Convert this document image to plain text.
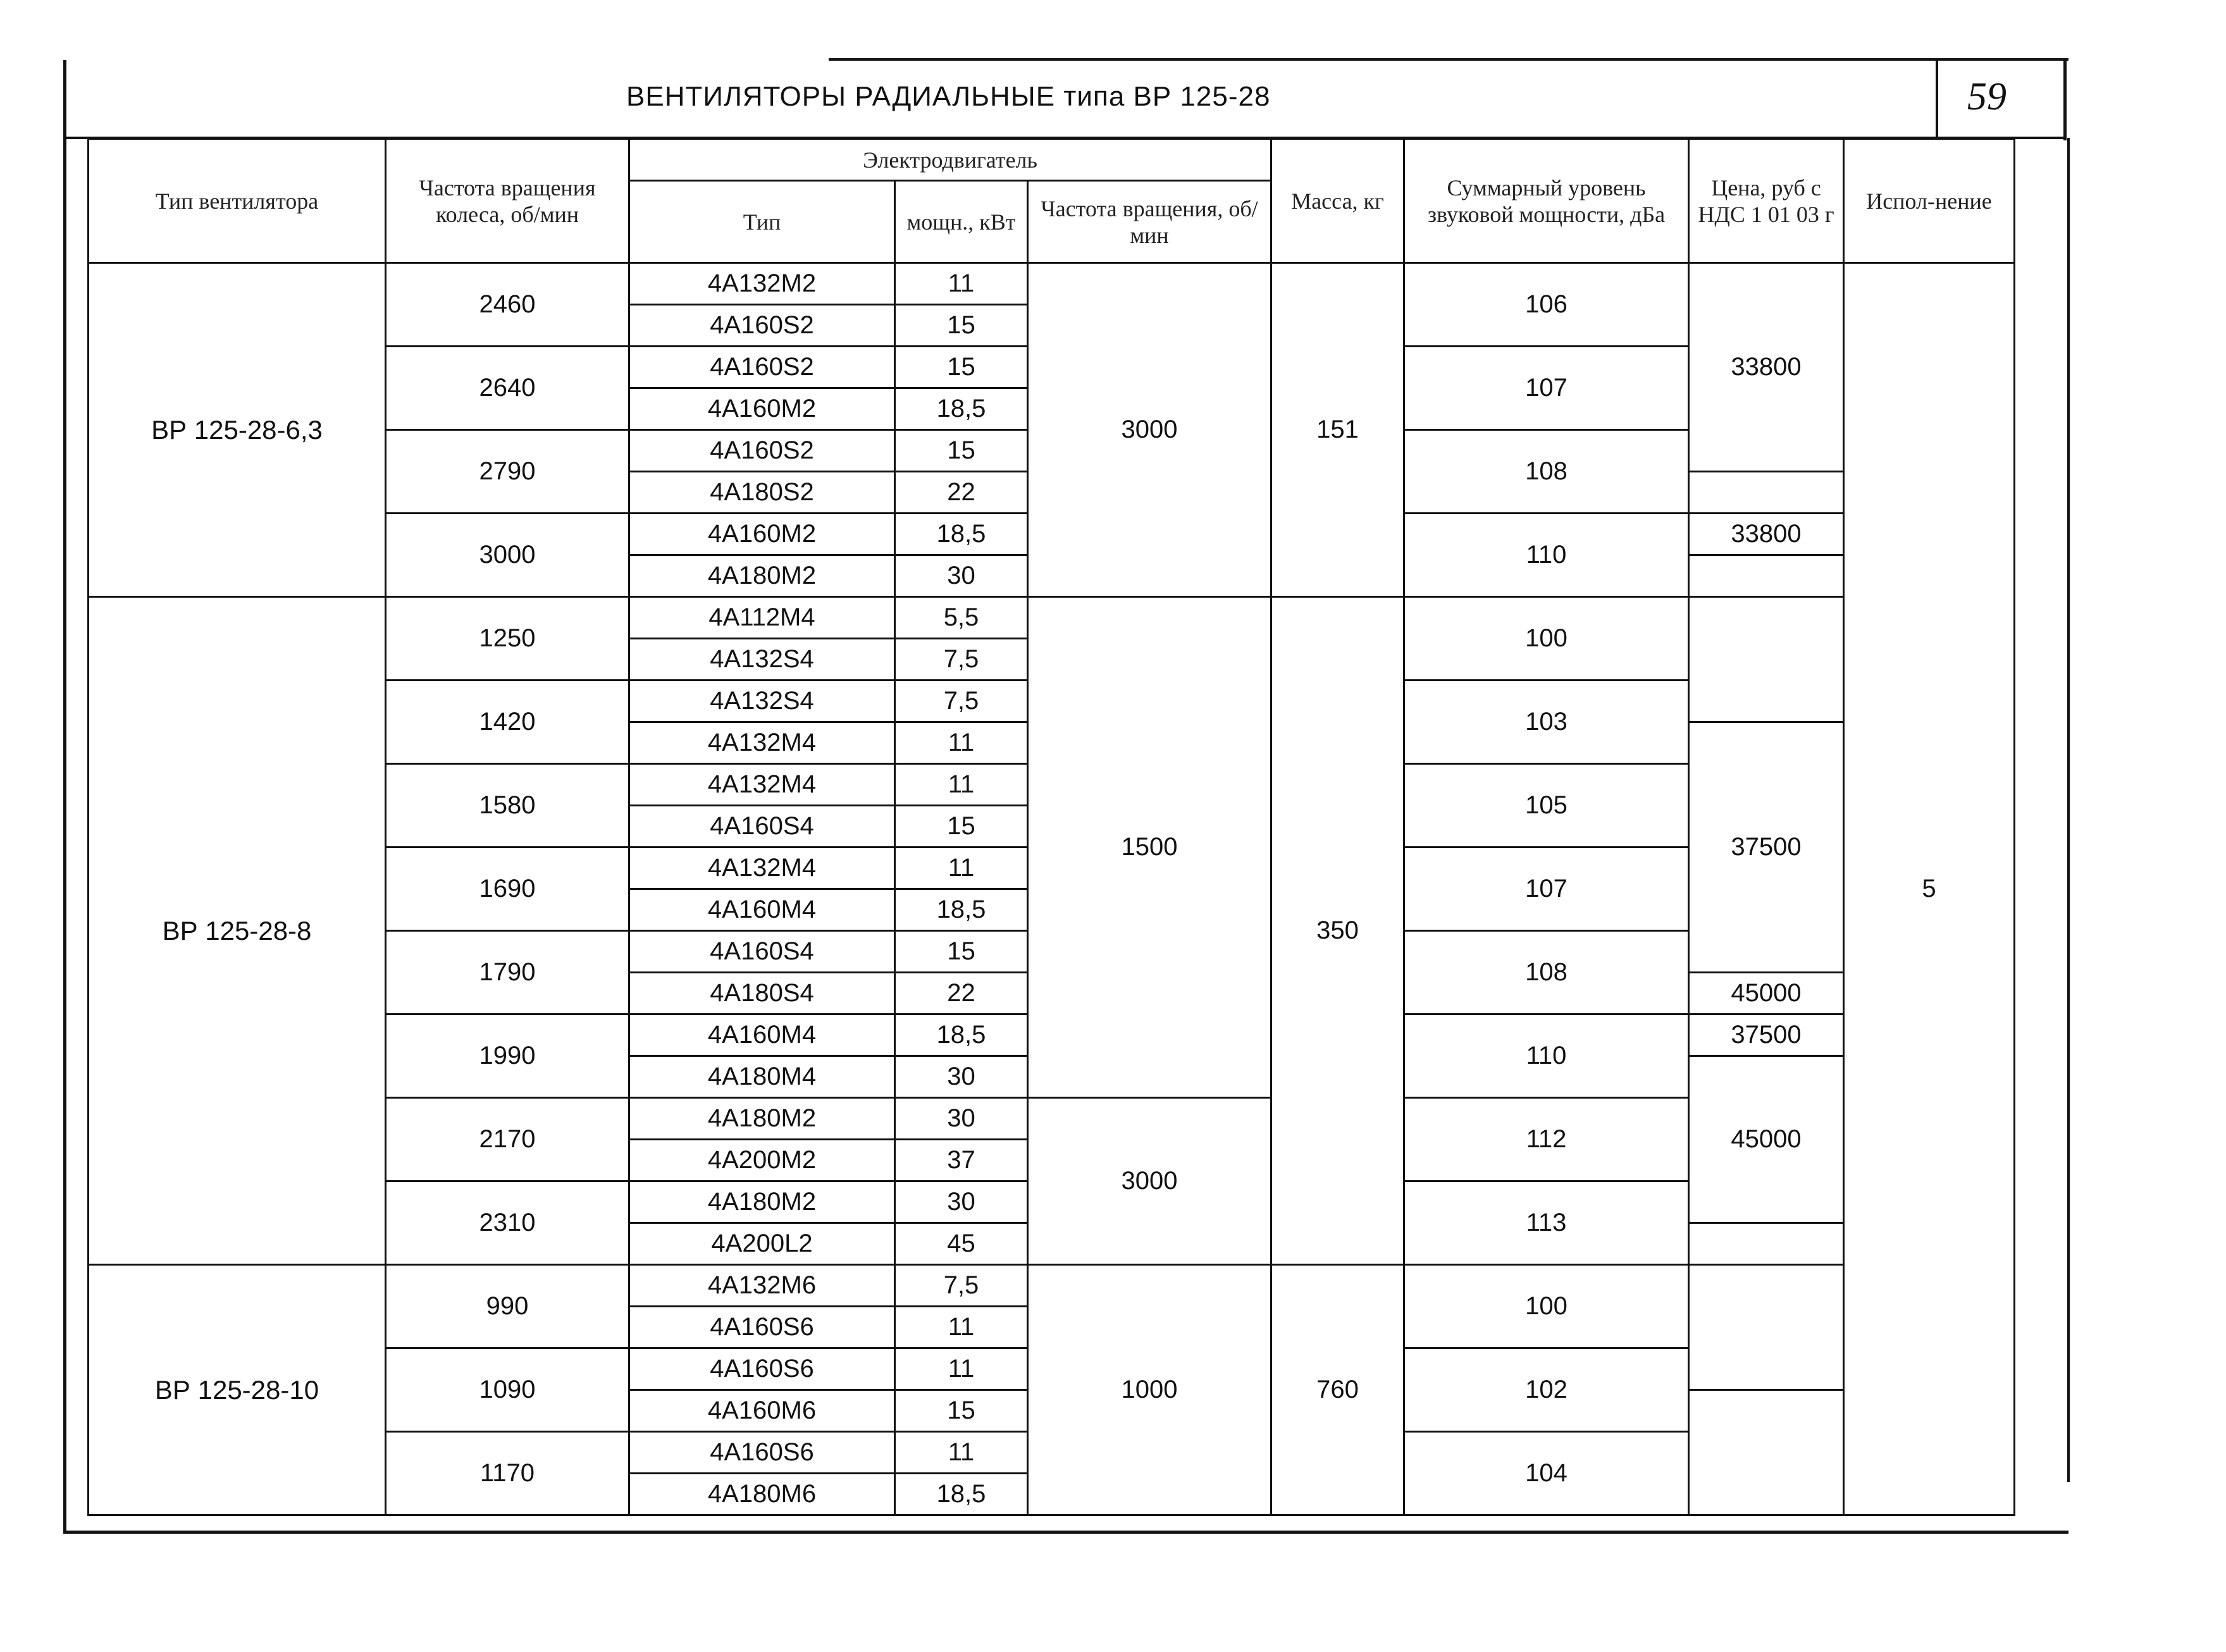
ВЕНТИЛЯТОРЫ РАДИАЛЬНЫЕ типа ВР 125-28	59
Тип вентилятора	Частота вращения колеса, об/мин	Электродвигатель			Масса, кг	Суммарный уровень звуковой мощности, дБа	Цена, руб с НДС 1 01 03 г	Испол-нение
		Тип	мощн., кВт	Частота вращения, об/мин				
ВР 125-28-6,3	2460	4А132М2	11	3000	151	106	33800	5
		4А160S2	15					
	2640	4А160S2	15			107		
		4А160М2	18,5					
	2790	4А160S2	15			108		
		4А180S2	22					
	3000	4А160М2	18,5			110	33800	
		4А180М2	30					
ВР 125-28-8	1250	4А112М4	5,5	1500	350	100		
		4А132S4	7,5					
	1420	4А132S4	7,5			103		
		4А132М4	11				37500	
	1580	4А132М4	11			105		
		4А160S4	15					
	1690	4А132М4	11			107		
		4А160М4	18,5					
	1790	4А160S4	15			108		
		4А180S4	22				45000	
	1990	4А160М4	18,5			110	37500	
		4А180М4	30				45000	
	2170	4А180М2	30	3000		112		
		4А200М2	37					
	2310	4А180М2	30			113		
		4А200L2	45					
ВР 125-28-10	990	4А132М6	7,5	1000	760	100		
		4А160S6	11					
	1090	4А160S6	11			102		
		4А160М6	15					
	1170	4А160S6	11			104		
		4А180М6	18,5					
